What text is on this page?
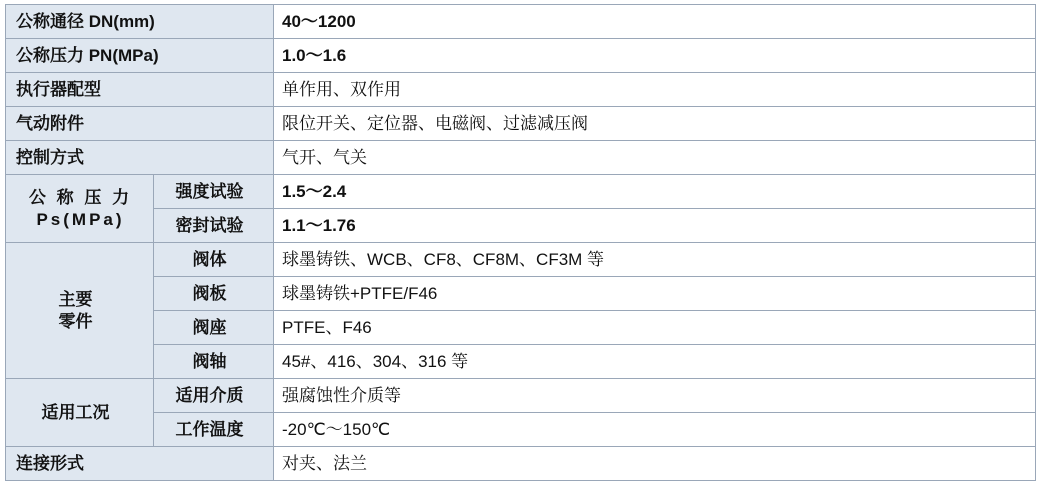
公称通径 DN(mm)		40～1200
公称压力 PN(MPa)		1.0～1.6
执行器配型		单作用、双作用
气动附件		限位开关、定位器、电磁阀、过滤减压阀
控制方式		气开、气关

公 称 压 力
Ps(MPa)	强度试验	1.5～2.4
	密封试验	1.1～1.76

主要
零件	阀体	球墨铸铁、WCB、CF8、CF8M、CF3M 等
	阀板	球墨铸铁+PTFE/F46
	阀座	PTFE、F46
	阀轴	45#、416、304、316 等
适用工况	适用介质	强腐蚀性介质等
	工作温度	-20℃～150℃
连接形式		对夹、法兰
